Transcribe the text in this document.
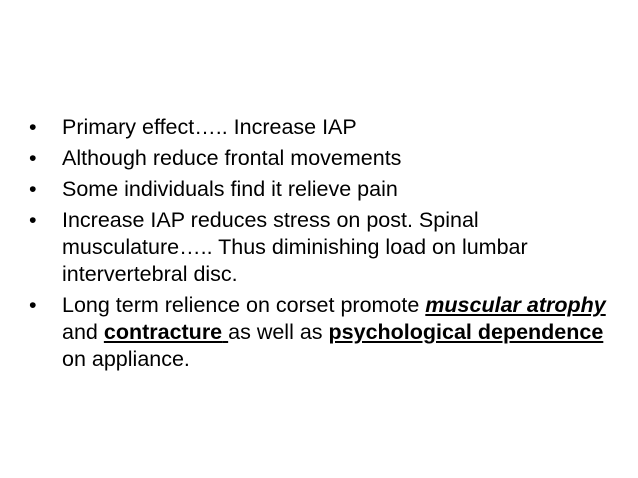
• Primary effect….. Increase IAP
• Although reduce frontal movements
• Some individuals find it relieve pain
• Increase IAP reduces stress on post. Spinal musculature….. Thus diminishing load on lumbar intervertebral disc.
• Long term relience on corset promote muscular atrophy and contracture as well as psychological dependence on appliance.
